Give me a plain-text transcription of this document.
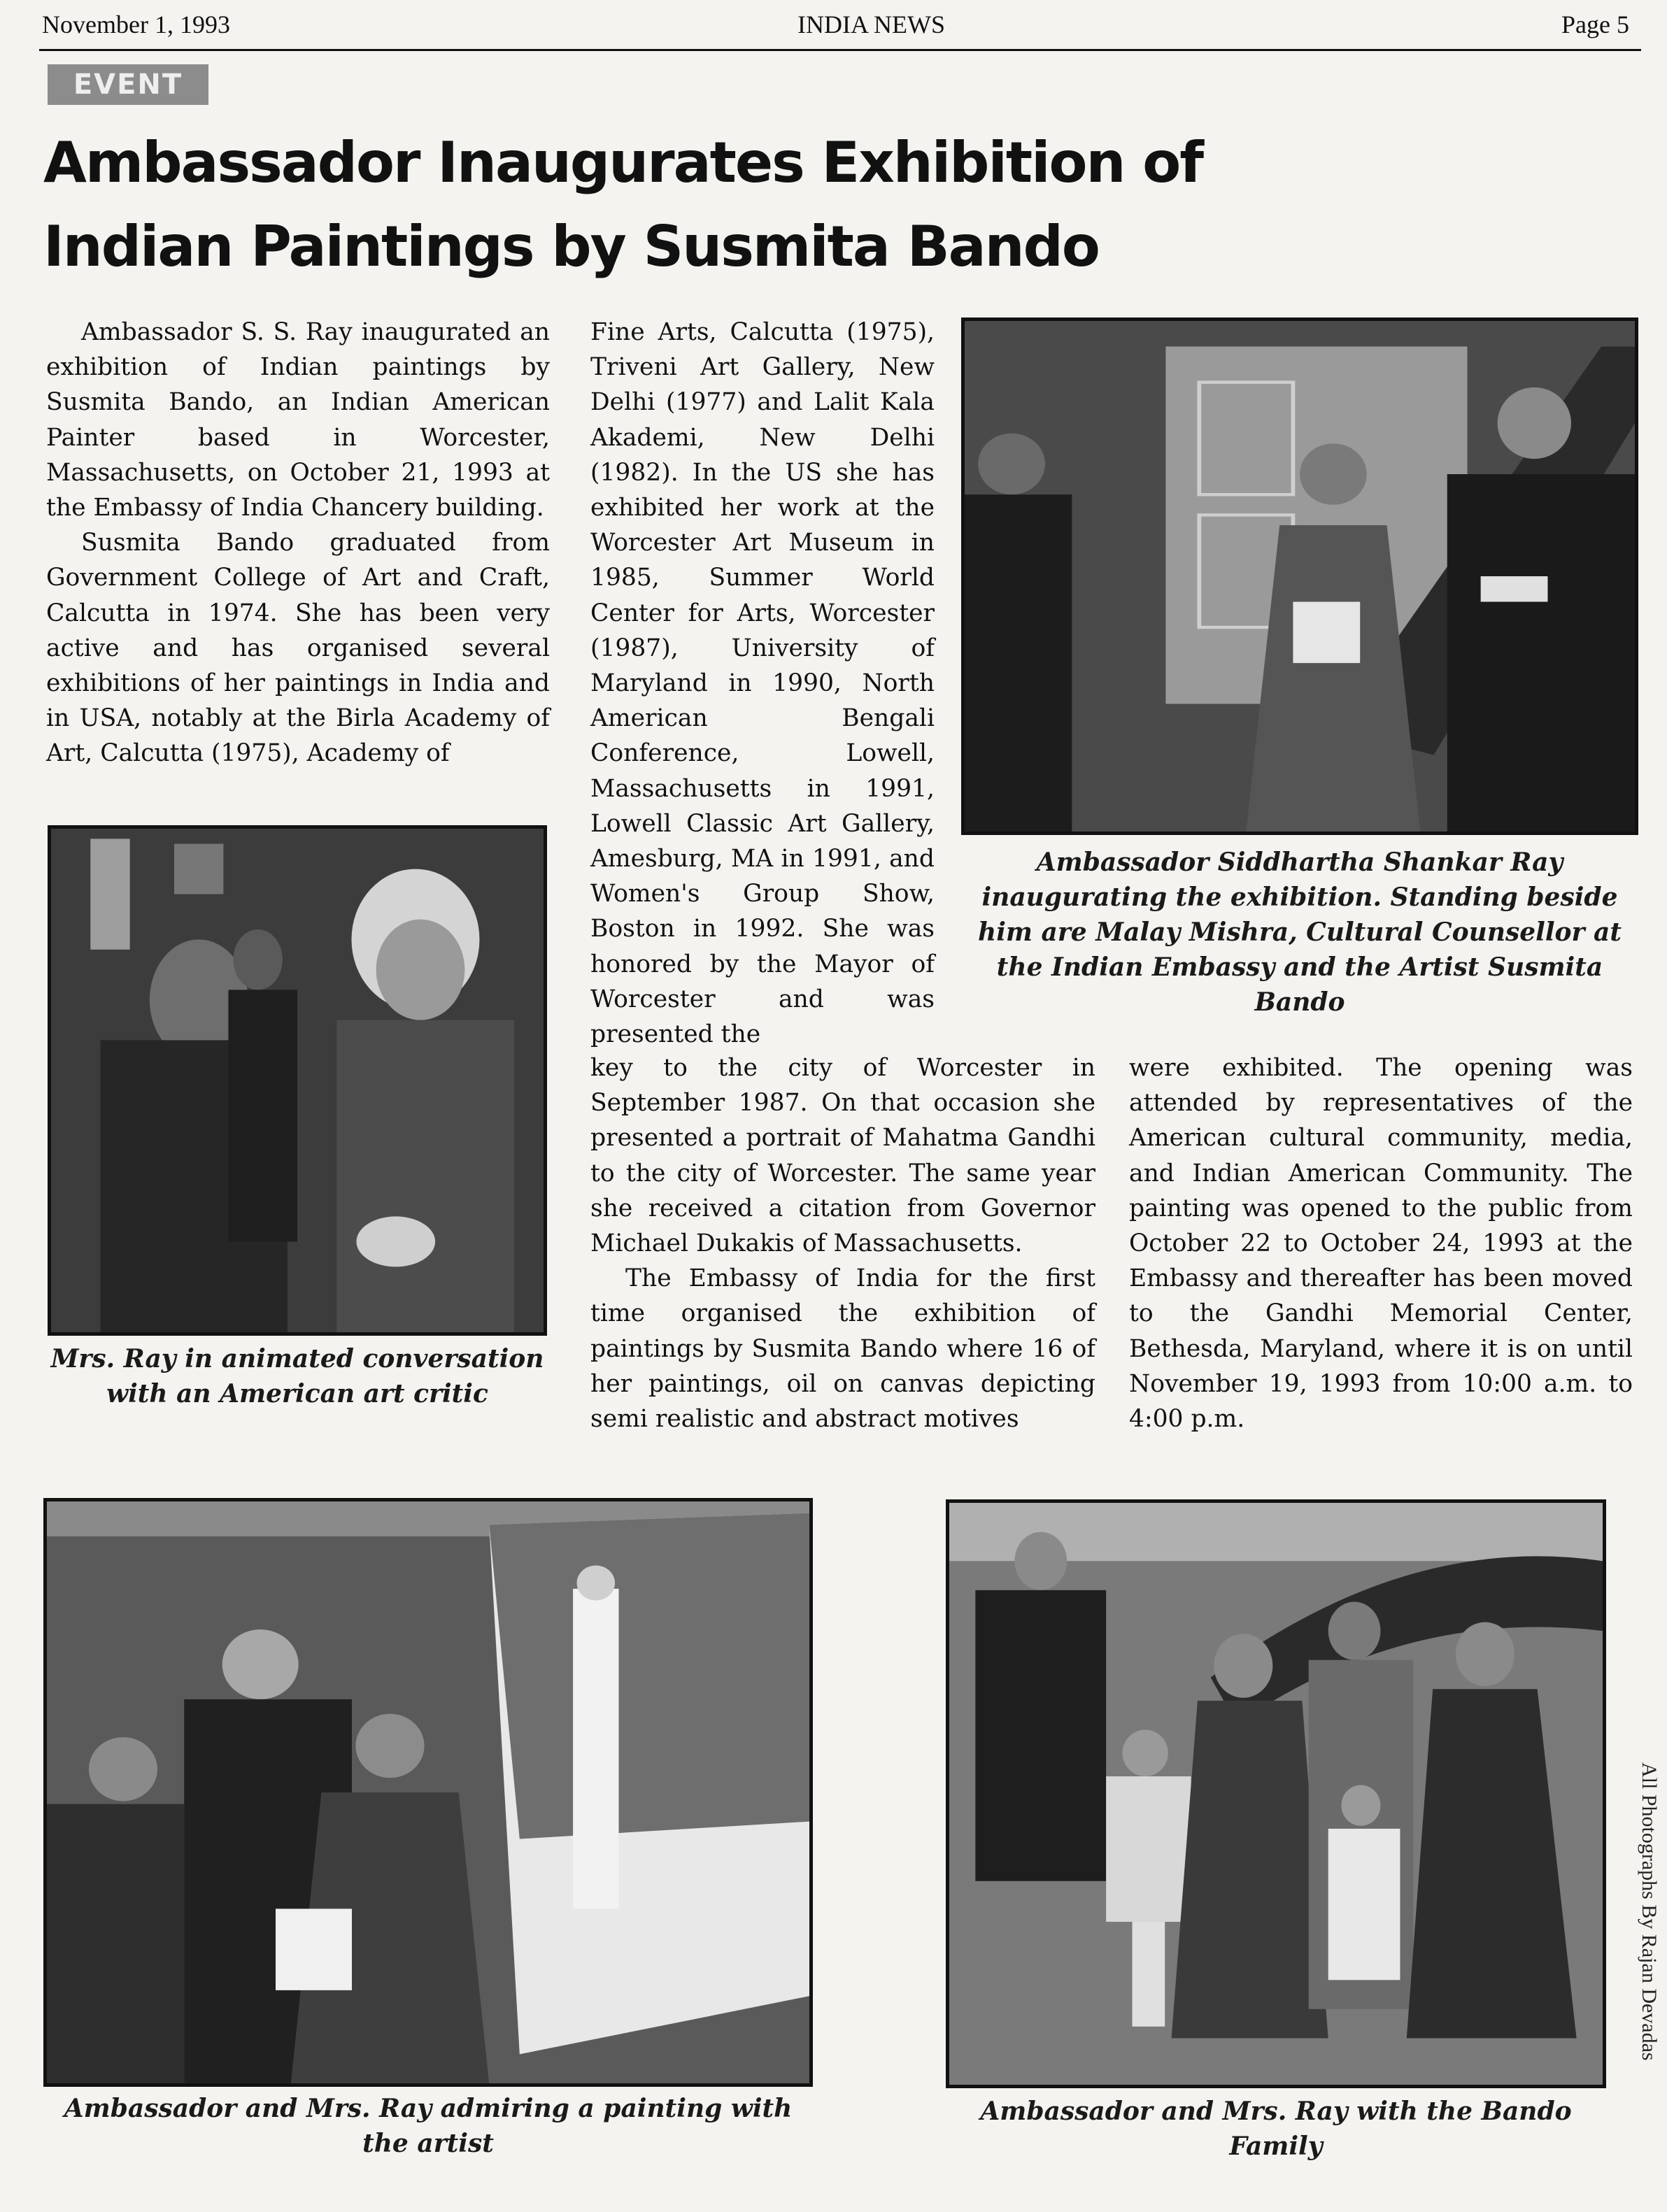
November 1, 1993	INDIA NEWS	Page 5
EVENT
Ambassador Inaugurates Exhibition of
Indian Paintings by Susmita Bando

Ambassador S. S. Ray inaugurated an exhibition of Indian paintings by Susmita Bando, an Indian American Painter based in Worcester, Massachusetts, on October 21, 1993 at the Embassy of India Chancery building.

Susmita Bando graduated from Government College of Art and Craft, Calcutta in 1974. She has been very active and has organised several exhibitions of her paintings in India and in USA, notably at the Birla Academy of Art, Calcutta (1975), Academy of

Fine Arts, Calcutta (1975), Triveni Art Gallery, New Delhi (1977) and Lalit Kala Akademi, New Delhi (1982). In the US she has exhibited her work at the Worcester Art Museum in 1985, Summer World Center for Arts, Worcester (1987), University of Maryland in 1990, North American Bengali Conference, Lowell, Massachusetts in 1991, Lowell Classic Art Gallery, Amesburg, MA in 1991, and Women's Group Show, Boston in 1992. She was honored by the Mayor of Worcester and was presented the

key to the city of Worcester in September 1987. On that occasion she presented a portrait of Mahatma Gandhi to the city of Worcester. The same year she received a citation from Governor Michael Dukakis of Massachusetts.

The Embassy of India for the first time organised the exhibition of paintings by Susmita Bando where 16 of her paintings, oil on canvas depicting semi realistic and abstract motives

were exhibited. The opening was attended by representatives of the American cultural community, media, and Indian American Community. The painting was opened to the public from October 22 to October 24, 1993 at the Embassy and thereafter has been moved to the Gandhi Memorial Center, Bethesda, Maryland, where it is on until November 19, 1993 from 10:00 a.m. to 4:00 p.m.

Ambassador Siddhartha Shankar Ray inaugurating the exhibition. Standing beside him are Malay Mishra, Cultural Counsellor at the Indian Embassy and the Artist Susmita Bando
Mrs. Ray in animated conversation with an American art critic
Ambassador and Mrs. Ray admiring a painting with the artist
Ambassador and Mrs. Ray with the Bando Family
All Photographs By Rajan Devadas
